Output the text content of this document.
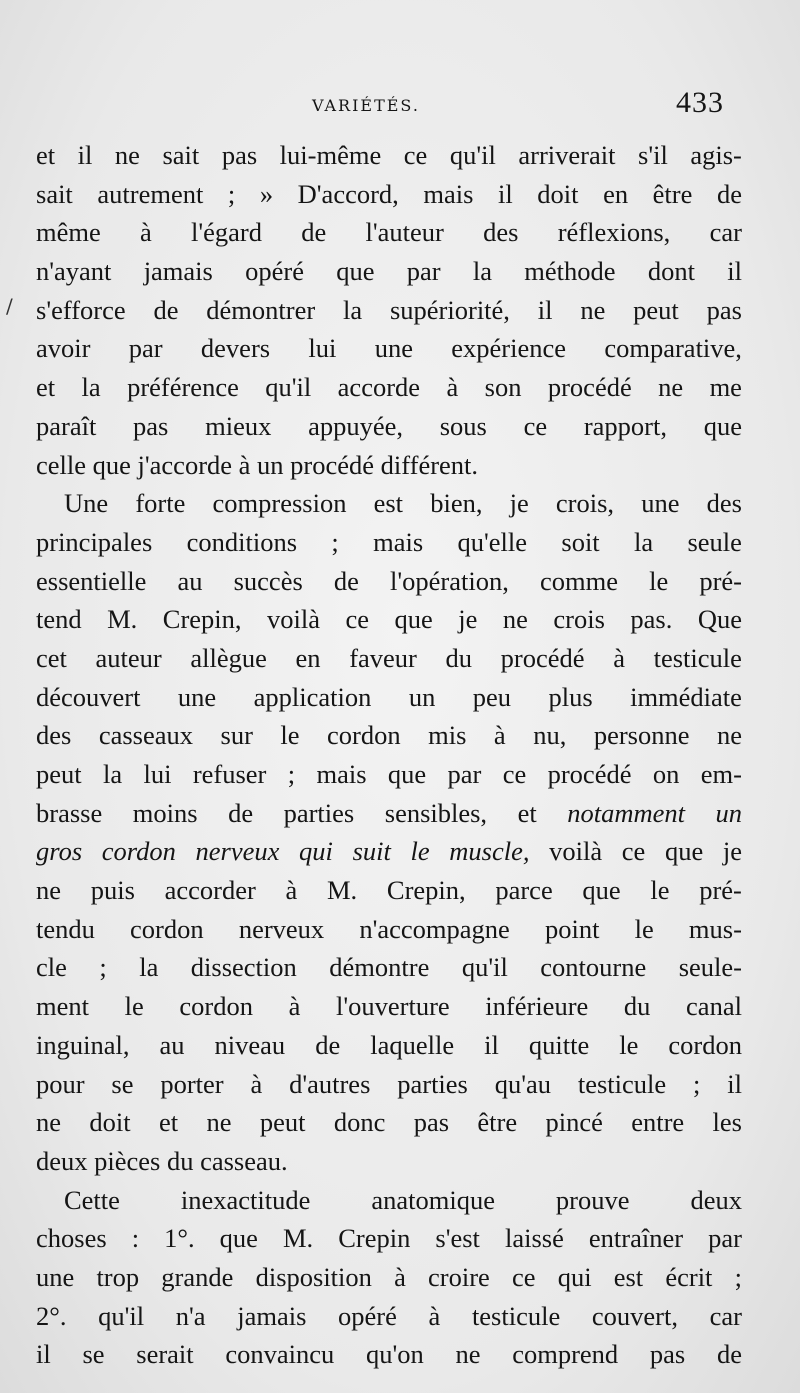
VARIÉTÉS.	433
/
et il ne sait pas lui-même ce qu'il arriverait s'il agis-
sait autrement ; » D'accord, mais il doit en être de
même à l'égard de l'auteur des réflexions, car
n'ayant jamais opéré que par la méthode dont il
s'efforce de démontrer la supériorité, il ne peut pas
avoir par devers lui une expérience comparative,
et la préférence qu'il accorde à son procédé ne me
paraît pas mieux appuyée, sous ce rapport, que
celle que j'accorde à un procédé différent.
Une forte compression est bien, je crois, une des
principales conditions ; mais qu'elle soit la seule
essentielle au succès de l'opération, comme le pré-
tend M. Crepin, voilà ce que je ne crois pas. Que
cet auteur allègue en faveur du procédé à testicule
découvert une application un peu plus immédiate
des casseaux sur le cordon mis à nu, personne ne
peut la lui refuser ; mais que par ce procédé on em-
brasse moins de parties sensibles, et notamment un
gros cordon nerveux qui suit le muscle, voilà ce que je
ne puis accorder à M. Crepin, parce que le pré-
tendu cordon nerveux n'accompagne point le mus-
cle ; la dissection démontre qu'il contourne seule-
ment le cordon à l'ouverture inférieure du canal
inguinal, au niveau de laquelle il quitte le cordon
pour se porter à d'autres parties qu'au testicule ; il
ne doit et ne peut donc pas être pincé entre les
deux pièces du casseau.
Cette inexactitude anatomique prouve deux
choses : 1°. que M. Crepin s'est laissé entraîner par
une trop grande disposition à croire ce qui est écrit ;
2°. qu'il n'a jamais opéré à testicule couvert, car
il se serait convaincu qu'on ne comprend pas de
